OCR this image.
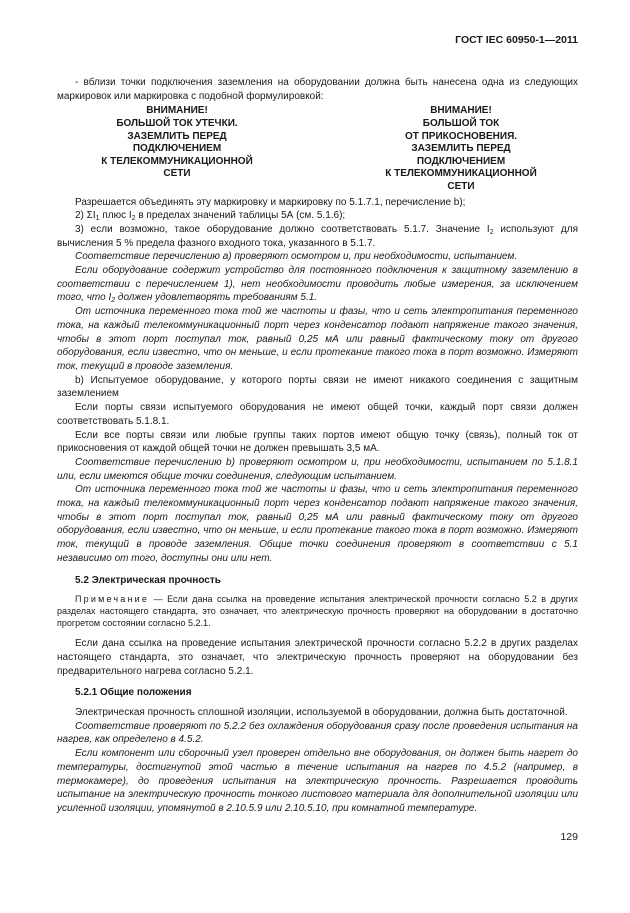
ГОСТ IEC 60950-1—2011

- вблизи точки подключения заземления на оборудовании должна быть нанесена одна из следующих маркировок или маркировка с подобной формулировкой:

ВНИМАНИЕ!
БОЛЬШОЙ ТОК УТЕЧКИ.
ЗАЗЕМЛИТЬ ПЕРЕД
ПОДКЛЮЧЕНИЕМ
К ТЕЛЕКОММУНИКАЦИОННОЙ
СЕТИ
ВНИМАНИЕ!
БОЛЬШОЙ ТОК
ОТ ПРИКОСНОВЕНИЯ.
ЗАЗЕМЛИТЬ ПЕРЕД
ПОДКЛЮЧЕНИЕМ
К ТЕЛЕКОММУНИКАЦИОННОЙ
СЕТИ

Разрешается объединять эту маркировку и маркировку по 5.1.7.1, перечисление b);

2) $\Sigma I_1$ плюс $I_2$ в пределах значений таблицы 5А (см. 5.1.6);

3) если возможно, такое оборудование должно соответствовать 5.1.7. Значение $I_2$ используют для вычисления 5 % предела фазного входного тока, указанного в 5.1.7.

Соответствие перечислению а) проверяют осмотром и, при необходимости, испытанием.

Если оборудование содержит устройство для постоянного подключения к защитному заземлению в соответствии с перечислением 1), нет необходимости проводить любые измерения, за исключением того, что $I_2$ должен удовлетворять требованиям 5.1.

От источника переменного тока той же частоты и фазы, что и сеть электропитания переменного тока, на каждый телекоммуникационный порт через конденсатор подают напряжение такого значения, чтобы в этот порт поступал ток, равный 0,25 мА или равный фактическому току от другого оборудования, если известно, что он меньше, и если протекание такого тока в порт возможно. Измеряют ток, текущий в проводе заземления.

b) Испытуемое оборудование, у которого порты связи не имеют никакого соединения с защитным заземлением

Если порты связи испытуемого оборудования не имеют общей точки, каждый порт связи должен соответствовать 5.1.8.1.

Если все порты связи или любые группы таких портов имеют общую точку (связь), полный ток от прикосновения от каждой общей точки не должен превышать 3,5 мА.

Соответствие перечислению b) проверяют осмотром и, при необходимости, испытанием по 5.1.8.1 или, если имеются общие точки соединения, следующим испытанием.

От источника переменного тока той же частоты и фазы, что и сеть электропитания переменного тока, на каждый телекоммуникационный порт через конденсатор подают напряжение такого значения, чтобы в этот порт поступал ток, равный 0,25 мА или равный фактическому току от другого оборудования, если известно, что он меньше, и если протекание такого тока в порт возможно. Измеряют ток, текущий в проводе заземления. Общие точки соединения проверяют в соответствии с 5.1 независимо от того, доступны они или нет.

5.2 Электрическая прочность

Примечание — Если дана ссылка на проведение испытания электрической прочности согласно 5.2 в других разделах настоящего стандарта, это означает, что электрическую прочность проверяют на оборудовании в достаточно прогретом состоянии согласно 5.2.1.

Если дана ссылка на проведение испытания электрической прочности согласно 5.2.2 в других разделах настоящего стандарта, это означает, что электрическую прочность проверяют на оборудовании без предварительного нагрева согласно 5.2.1.

5.2.1 Общие положения

Электрическая прочность сплошной изоляции, используемой в оборудовании, должна быть достаточной.

Соответствие проверяют по 5.2.2 без охлаждения оборудования сразу после проведения испытания на нагрев, как определено в 4.5.2.

Если компонент или сборочный узел проверен отдельно вне оборудования, он должен быть нагрет до температуры, достигнутой этой частью в течение испытания на нагрев по 4.5.2 (например, в термокамере), до проведения испытания на электрическую прочность. Разрешается проводить испытание на электрическую прочность тонкого листового материала для дополнительной изоляции или усиленной изоляции, упомянутой в 2.10.5.9 или 2.10.5.10, при комнатной температуре.

129
